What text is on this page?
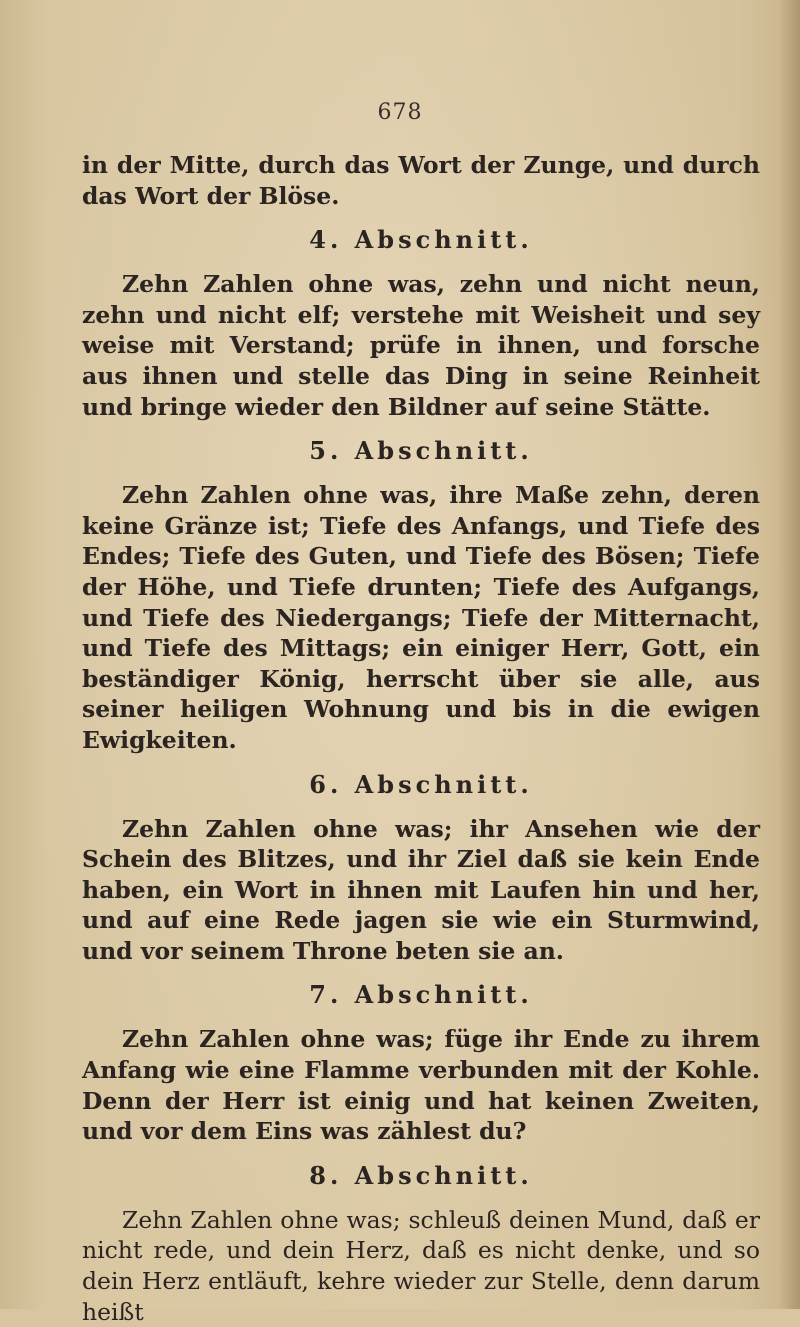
678

in der Mitte, durch das Wort der Zunge, und durch das Wort der Blöse.

4. Abschnitt.

Zehn Zahlen ohne was, zehn und nicht neun, zehn und nicht elf; verstehe mit Weisheit und sey weise mit Verstand; prüfe in ihnen, und forsche aus ihnen und stelle das Ding in seine Reinheit und bringe wieder den Bildner auf seine Stätte.

5. Abschnitt.

Zehn Zahlen ohne was, ihre Maße zehn, deren keine Gränze ist; Tiefe des Anfangs, und Tiefe des Endes; Tiefe des Guten, und Tiefe des Bösen; Tiefe der Höhe, und Tiefe drunten; Tiefe des Aufgangs, und Tiefe des Niedergangs; Tiefe der Mitternacht, und Tiefe des Mittags; ein einiger Herr, Gott, ein beständiger König, herrscht über sie alle, aus seiner heiligen Wohnung und bis in die ewigen Ewigkeiten.

6. Abschnitt.

Zehn Zahlen ohne was; ihr Ansehen wie der Schein des Blitzes, und ihr Ziel daß sie kein Ende haben, ein Wort in ihnen mit Laufen hin und her, und auf eine Rede jagen sie wie ein Sturmwind, und vor seinem Throne beten sie an.

7. Abschnitt.

Zehn Zahlen ohne was; füge ihr Ende zu ihrem Anfang wie eine Flamme verbunden mit der Kohle. Denn der Herr ist einig und hat keinen Zweiten, und vor dem Eins was zählest du?

8. Abschnitt.

Zehn Zahlen ohne was; schleuß deinen Mund, daß er nicht rede, und dein Herz, daß es nicht denke, und so dein Herz entläuft, kehre wieder zur Stelle, denn darum heißt
